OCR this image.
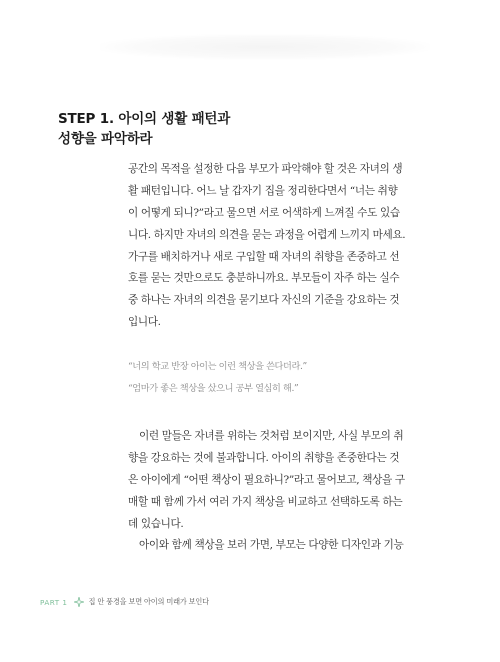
STEP 1. 아이의 생활 패턴과
성향을 파악하라
공간의 목적을 설정한 다음 부모가 파악해야 할 것은 자녀의 생
활 패턴입니다. 어느 날 갑자기 집을 정리한다면서 “너는 취향
이 어떻게 되니?”라고 물으면 서로 어색하게 느껴질 수도 있습
니다. 하지만 자녀의 의견을 묻는 과정을 어렵게 느끼지 마세요.
가구를 배치하거나 새로 구입할 때 자녀의 취향을 존중하고 선
호를 묻는 것만으로도 충분하니까요. 부모들이 자주 하는 실수
중 하나는 자녀의 의견을 묻기보다 자신의 기준을 강요하는 것
입니다.
“너의 학교 반장 아이는 이런 책상을 쓴다더라.”
“엄마가 좋은 책상을 샀으니 공부 열심히 해.”
이런 말들은 자녀를 위하는 것처럼 보이지만, 사실 부모의 취
향을 강요하는 것에 불과합니다. 아이의 취향을 존중한다는 것
은 아이에게 “어떤 책상이 필요하니?”라고 물어보고, 책상을 구
매할 때 함께 가서 여러 가지 책상을 비교하고 선택하도록 하는
데 있습니다.
아이와 함께 책상을 보러 가면, 부모는 다양한 디자인과 기능
PART 1	집 안 풍경을 보면 아이의 미래가 보인다
